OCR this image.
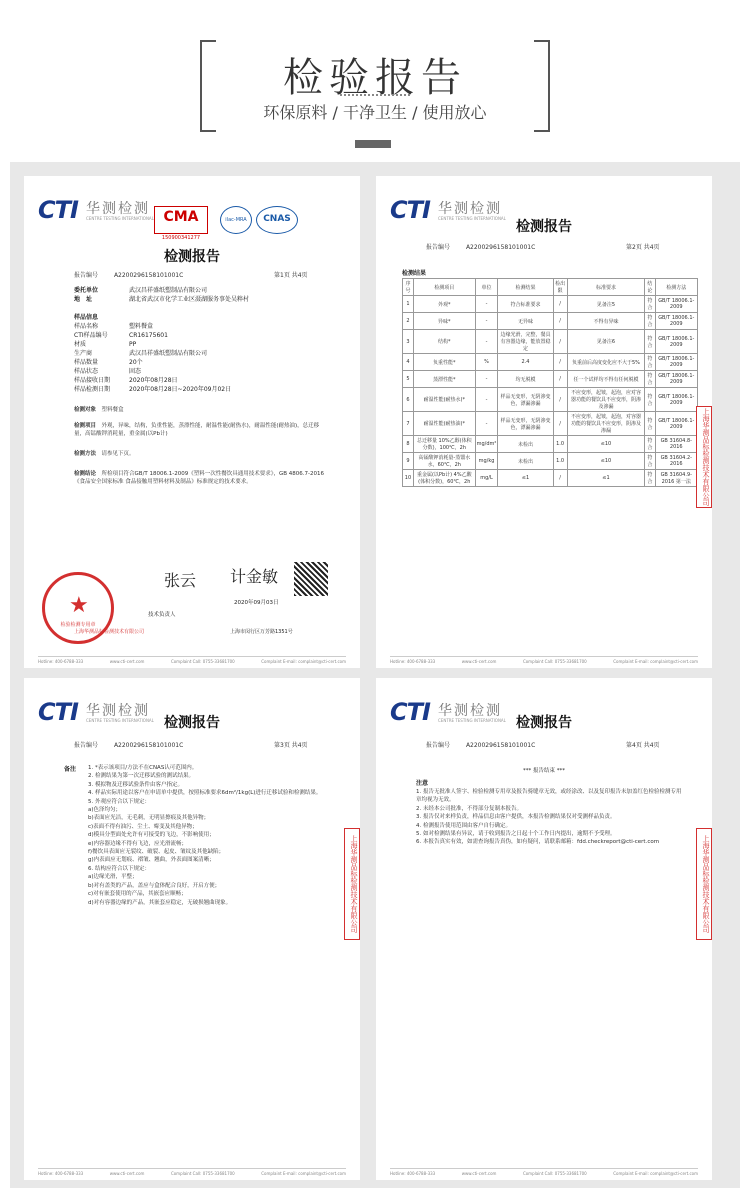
检验报告
环保原料 / 干净卫生 / 使用放心
CTI 华测检测
CENTRE TESTING INTERNATIONAL CMA
150900341277
ilac-MRA	CNAS
检测报告
报告编号	A2200296158101001C	第1页 共4页
委托单位	武汉昌祥盛纸塑制品有限公司
地　址	湖北省武汉市化学工业区滠湖服务事处吴粹村
样品信息
样品名称	塑料餐盒
CTI样品编号	CR16175601
材质	PP
生产商	武汉昌祥盛纸塑制品有限公司
样品数量	20个
样品状态	固态
样品接收日期	2020年08月28日
样品检测日期	2020年08月28日~2020年09月02日
检测对象　 塑料餐盒
检测项目　 外观，异味，结构，负重性能，蒸漂性能，耐温性能(耐热水)，耐温性能(耐热油)，总迁移量，高锰酸钾消耗量，重金属(以Pb计)
检测方法　 请参见下页。
检测结论　 所检项目符合GB/T 18006.1-2009《塑料一次性餐饮具通用技术要求》，GB 4806.7-2016《食品安全国家标准 食品接触用塑料材料及制品》标准规定的技术要求。
张云 计金敏
★
检验检测专用章
技术负责人
2020年09月03日
上海华测品标检测技术有限公司	上海市闵行区万芳路1351号
Hotline: 400-6788-333	www.cti-cert.com	Complaint Call: 0755-33681700	Complaint E-mail: complaint@cti-cert.com
CTI 华测检测
CENTRE TESTING INTERNATIONAL
检测报告
报告编号	A2200296158101001C	第2页 共4页
检测结果
序号	检测项目	单位	检测结果	检出限	标准要求	结论	检测方法
1	外观*	-	符合标准要求	/	见备注5	符合	GB/T 18006.1-2009
2	异味*	-	无异味	/	不得有异味	符合	GB/T 18006.1-2009
3	结构*	-	边缘光滑，完整，餐具有容器边缘，能放置稳定	/	见备注6	符合	GB/T 18006.1-2009
4	负重性能*	%	2.4	/	负重前后高度变化应不大于5%	符合	GB/T 18006.1-2009
5	蒸漂性能*	-	均无脱模	/	任一个试样均不得有任何脱模	符合	GB/T 18006.1-2009
6	耐温性能(耐热水)*	-	样品无变形，无阴渗变色，漂漏渗漏	/	不应变形，起皱，起泡，应对容器功能的餐饮具不应变形，阴渗及渗漏	符合	GB/T 18006.1-2009
7	耐温性能(耐热油)*	-	样品无变形，无阴渗变色，漂漏渗漏	/	不应变形，起皱，起泡，对容器功能的餐饮具不应变形，阴渗及渗漏	符合	GB/T 18006.1-2009
8	总迁移量 10%乙醇(体积分数)，100℃，2h	mg/dm²	未检出	1.0	≤10	符合	GB 31604.8-2016
9	高锰酸钾消耗量-蒸馏水 水，60℃，2h	mg/kg	未检出	1.0	≤10	符合	GB 31604.2-2016
10	重金属(以Pb计) 4%乙酸(体积分数)，60℃，2h	mg/L	≤1	/	≤1	符合	GB 31604.9-2016 第一法	上海华测品标检测技术有限公司
Hotline: 400-6788-333	www.cti-cert.com	Complaint Call: 0755-33681700	Complaint E-mail: complaint@cti-cert.com
CTI 华测检测
CENTRE TESTING INTERNATIONAL 检测报告
报告编号	A2200296158101001C	第3页 共4页
备注 1. *表示该项目/方法不在CNAS认可范围内。
2. 检测结果为第一次迁移试验的测试结果。
3. 模拟物及迁移试验条件由客户指定。
4. 样品实际用途以客户在申请单中提供，按照标准要求6dm²/1kg(L)进行迁移试验和检测结果。
5. 外观应符合以下规定：
a)色泽均匀；
b)表面应光洁，无毛刺，无明显擦痕及其他异物；
c)表面不得有油污、尘土、霉变及其他异物；
d)模具分型面处允许有可接受的飞边，不影响使用；
e)内容器边缘不得有飞边，应光滑流畅；
f)餐饮具表面应无裂纹、破裂、起皮、皱纹及其他缺陷；
g)内表面应无划痕、褶皱、翘曲，外表面图案清晰；
6. 结构应符合以下规定：
a)边缘光滑，平整；
b)对有盖类的产品，盖应与盒体配合良好，开启方便；
c)对有嵌套使用的产品，其嵌套应顺畅；
d)对有容器边缘的产品，其嵌套应稳定，无破损翘曲现象。	上海华测品标检测技术有限公司
Hotline: 400-6788-333	www.cti-cert.com	Complaint Call: 0755-33681700	Complaint E-mail: complaint@cti-cert.com
CTI 华测检测
CENTRE TESTING INTERNATIONAL 检测报告
报告编号	A2200296158101001C	第4页 共4页
*** 报告结束 ***
注意
1. 报告无批准人签字、检验检测专用章及报告骑缝章无效，或经涂改、以及复印报告未加盖红色检验检测专用章均视为无效。
2. 未经本公司批准，不得部分复制本报告。
3. 报告仅对来样负责，样品信息由客户提供，本报告检测结果仅对受测样品负责。
4. 检测报告使用范围由客户自行确定。
5. 如对检测结果有异议，请于收到报告之日起十个工作日内提出，逾期不予受理。
6. 本报告真实有效，如需查询报告真伪，如有疑问，请联系邮箱：fdd.checkreport@cti-cert.com	上海华测品标检测技术有限公司
Hotline: 400-6788-333	www.cti-cert.com	Complaint Call: 0755-33681700	Complaint E-mail: complaint@cti-cert.com
